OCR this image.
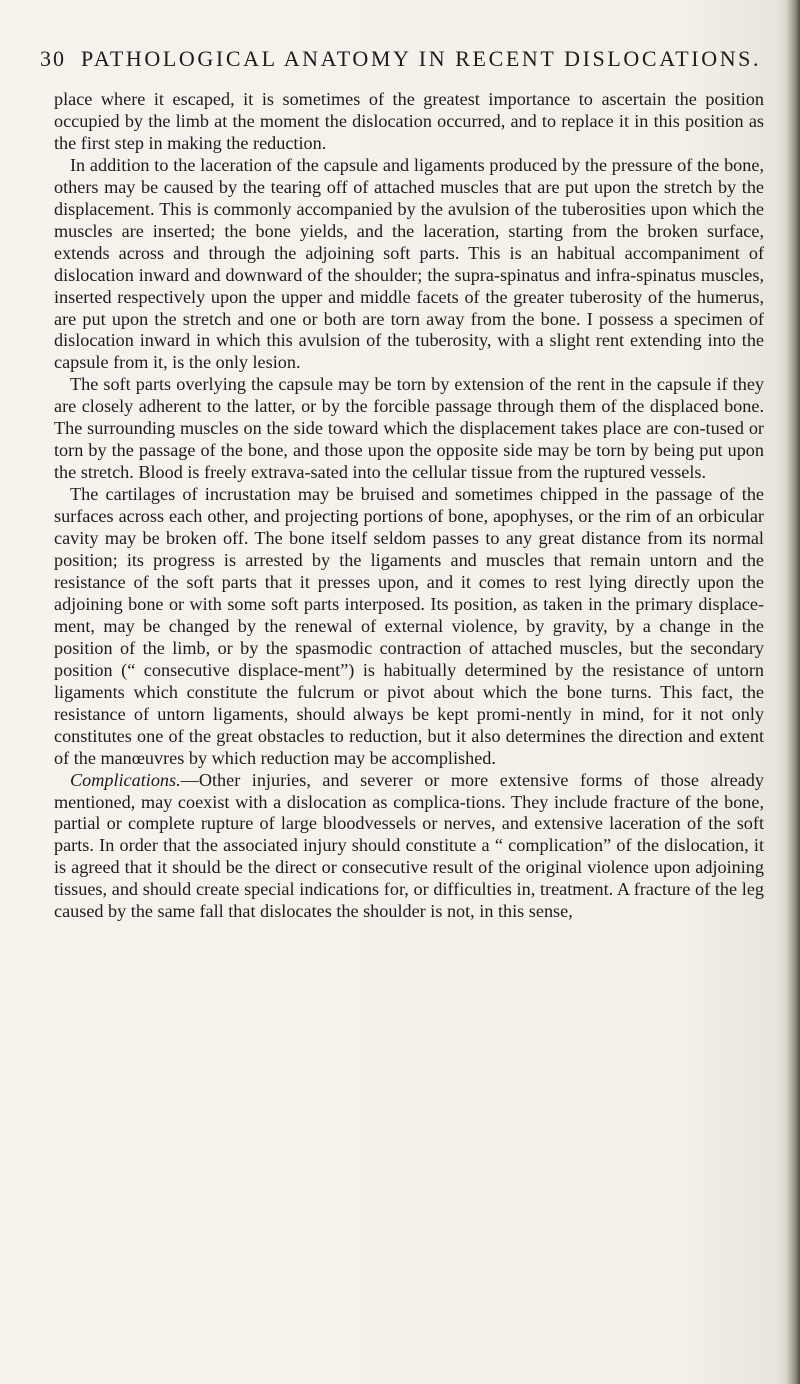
30 PATHOLOGICAL ANATOMY IN RECENT DISLOCATIONS.

place where it escaped, it is sometimes of the greatest importance to ascertain the position occupied by the limb at the moment the dislocation occurred, and to replace it in this position as the first step in making the reduction.

In addition to the laceration of the capsule and ligaments produced by the pressure of the bone, others may be caused by the tearing off of attached muscles that are put upon the stretch by the displacement. This is commonly accompanied by the avulsion of the tuberosities upon which the muscles are inserted; the bone yields, and the laceration, starting from the broken surface, extends across and through the adjoining soft parts. This is an habitual accompaniment of dislocation inward and downward of the shoulder; the supra-spinatus and infra-spinatus muscles, inserted respectively upon the upper and middle facets of the greater tuberosity of the humerus, are put upon the stretch and one or both are torn away from the bone. I possess a specimen of dislocation inward in which this avulsion of the tuberosity, with a slight rent extending into the capsule from it, is the only lesion.

The soft parts overlying the capsule may be torn by extension of the rent in the capsule if they are closely adherent to the latter, or by the forcible passage through them of the displaced bone. The surrounding muscles on the side toward which the displacement takes place are con-tused or torn by the passage of the bone, and those upon the opposite side may be torn by being put upon the stretch. Blood is freely extrava-sated into the cellular tissue from the ruptured vessels.

The cartilages of incrustation may be bruised and sometimes chipped in the passage of the surfaces across each other, and projecting portions of bone, apophyses, or the rim of an orbicular cavity may be broken off. The bone itself seldom passes to any great distance from its normal position; its progress is arrested by the ligaments and muscles that remain untorn and the resistance of the soft parts that it presses upon, and it comes to rest lying directly upon the adjoining bone or with some soft parts interposed. Its position, as taken in the primary displace-ment, may be changed by the renewal of external violence, by gravity, by a change in the position of the limb, or by the spasmodic contraction of attached muscles, but the secondary position (“ consecutive displace-ment”) is habitually determined by the resistance of untorn ligaments which constitute the fulcrum or pivot about which the bone turns. This fact, the resistance of untorn ligaments, should always be kept promi-nently in mind, for it not only constitutes one of the great obstacles to reduction, but it also determines the direction and extent of the manœuvres by which reduction may be accomplished.

Complications.—Other injuries, and severer or more extensive forms of those already mentioned, may coexist with a dislocation as complica-tions. They include fracture of the bone, partial or complete rupture of large bloodvessels or nerves, and extensive laceration of the soft parts. In order that the associated injury should constitute a “ complication” of the dislocation, it is agreed that it should be the direct or consecutive result of the original violence upon adjoining tissues, and should create special indications for, or difficulties in, treatment. A fracture of the leg caused by the same fall that dislocates the shoulder is not, in this sense,
